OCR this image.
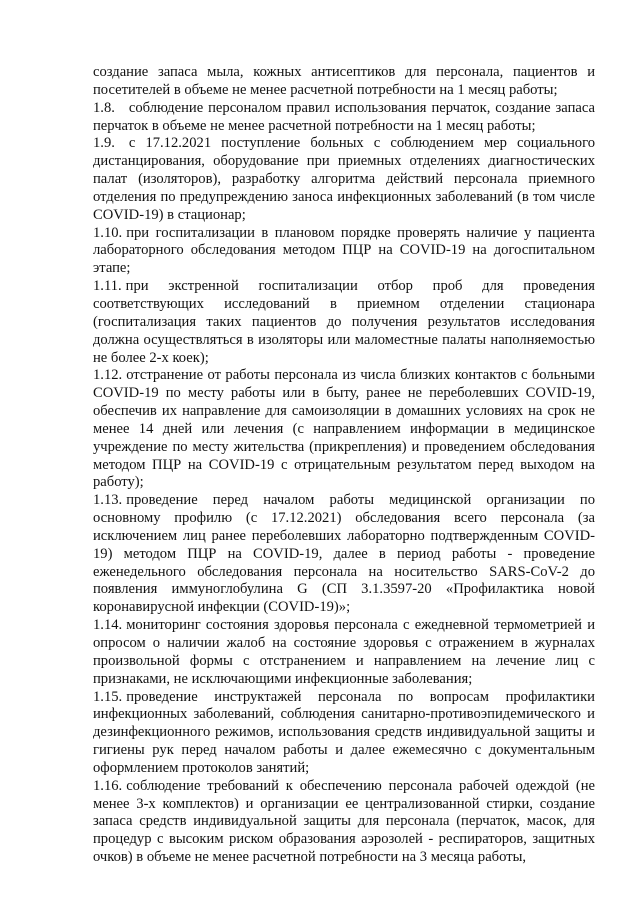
создание запаса мыла, кожных антисептиков для персонала, пациентов и посетителей в объеме не менее расчетной потребности на 1 месяц работы;

1.8. соблюдение персоналом правил использования перчаток, создание запаса перчаток в объеме не менее расчетной потребности на 1 месяц работы;

1.9. с 17.12.2021 поступление больных с соблюдением мер социального дистанцирования, оборудование при приемных отделениях диагностических палат (изоляторов), разработку алгоритма действий персонала приемного отделения по предупреждению заноса инфекционных заболеваний (в том числе COVID-19) в стационар;

1.10. при госпитализации в плановом порядке проверять наличие у пациента лабораторного обследования методом ПЦР на COVID-19 на догоспитальном этапе;

1.11. при экстренной госпитализации отбор проб для проведения соответствующих исследований в приемном отделении стационара (госпитализация таких пациентов до получения результатов исследования должна осуществляться в изоляторы или маломестные палаты наполняемостью не более 2-х коек);

1.12. отстранение от работы персонала из числа близких контактов с больными COVID-19 по месту работы или в быту, ранее не переболевших COVID-19, обеспечив их направление для самоизоляции в домашних условиях на срок не менее 14 дней или лечения (с направлением информации в медицинское учреждение по месту жительства (прикрепления) и проведением обследования методом ПЦР на COVID-19 с отрицательным результатом перед выходом на работу);

1.13. проведение перед началом работы медицинской организации по основному профилю (с 17.12.2021) обследования всего персонала (за исключением лиц ранее переболевших лабораторно подтвержденным COVID-19) методом ПЦР на COVID-19, далее в период работы - проведение еженедельного обследования персонала на носительство SARS-CoV-2 до появления иммуноглобулина G (СП 3.1.3597-20 «Профилактика новой коронавирусной инфекции (COVID-19)»;

1.14. мониторинг состояния здоровья персонала с ежедневной термометрией и опросом о наличии жалоб на состояние здоровья с отражением в журналах произвольной формы с отстранением и направлением на лечение лиц с признаками, не исключающими инфекционные заболевания;

1.15. проведение инструктажей персонала по вопросам профилактики инфекционных заболеваний, соблюдения санитарно-противоэпидемического и дезинфекционного режимов, использования средств индивидуальной защиты и гигиены рук перед началом работы и далее ежемесячно с документальным оформлением протоколов занятий;

1.16. соблюдение требований к обеспечению персонала рабочей одеждой (не менее 3-х комплектов) и организации ее централизованной стирки, создание запаса средств индивидуальной защиты для персонала (перчаток, масок, для процедур с высоким риском образования аэрозолей - респираторов, защитных очков) в объеме не менее расчетной потребности на 3 месяца работы,
